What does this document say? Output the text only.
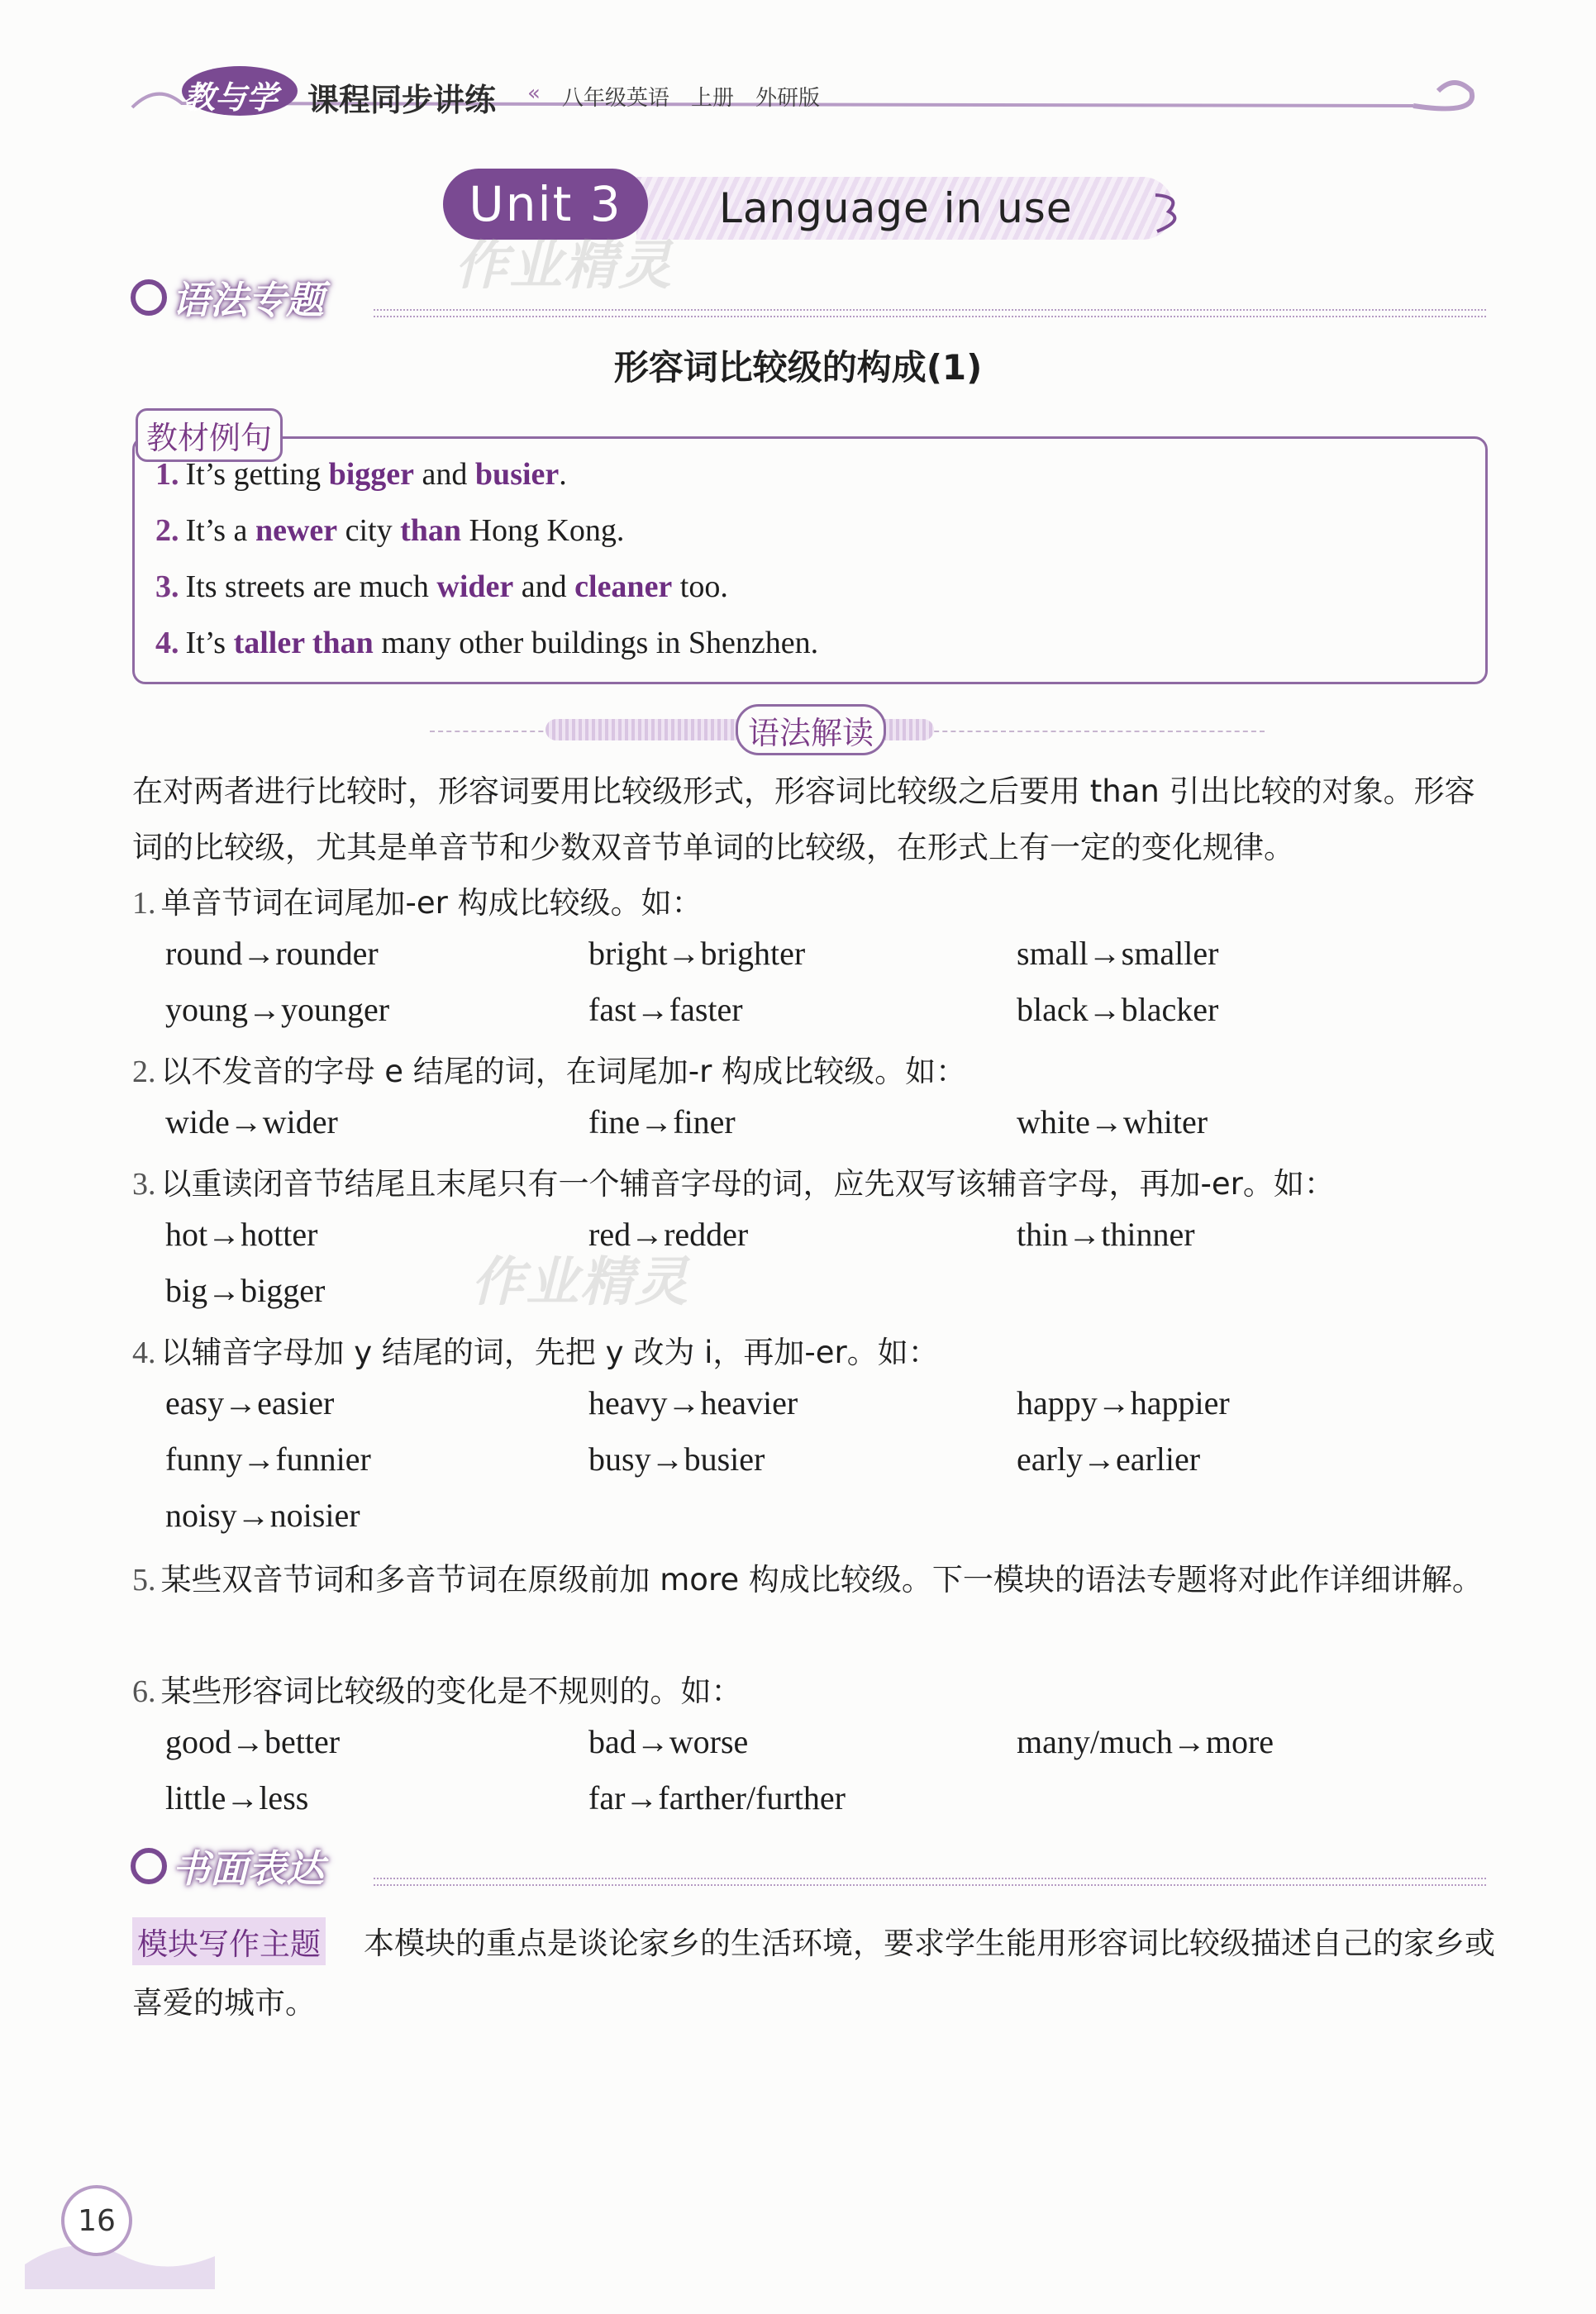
教与学 课程同步讲练 « 八年级英语 上册 外研版
Unit 3	Language in use
作业精灵
作业精灵
语法专题
形容词比较级的构成(1)
教材例句
1. It’s getting bigger and busier.
2. It’s a newer city than Hong Kong.
3. Its streets are much wider and cleaner too.
4. It’s taller than many other buildings in Shenzhen.
语法解读
在对两者进行比较时，形容词要用比较级形式，形容词比较级之后要用 than 引出比较的对象。形容词的比较级，尤其是单音节和少数双音节单词的比较级，在形式上有一定的变化规律。
1. 单音节词在词尾加-er 构成比较级。如：
round→rounder	bright→brighter	small→smaller
young→younger	fast→faster	black→blacker
2. 以不发音的字母 e 结尾的词，在词尾加-r 构成比较级。如：
wide→wider	fine→finer	white→whiter
3. 以重读闭音节结尾且末尾只有一个辅音字母的词，应先双写该辅音字母，再加-er。如：
hot→hotter	red→redder	thin→thinner
big→bigger
4. 以辅音字母加 y 结尾的词，先把 y 改为 i，再加-er。如：
easy→easier	heavy→heavier	happy→happier
funny→funnier	busy→busier	early→earlier
noisy→noisier
5. 某些双音节词和多音节词在原级前加 more 构成比较级。下一模块的语法专题将对此作详细讲解。
6. 某些形容词比较级的变化是不规则的。如：
good→better	bad→worse	many/much→more
little→less	far→farther/further
书面表达
本模块的重点是谈论家乡的生活环境，要求学生能用形容词比较级描述自己的家乡或喜爱的城市。
模块写作主题
16
